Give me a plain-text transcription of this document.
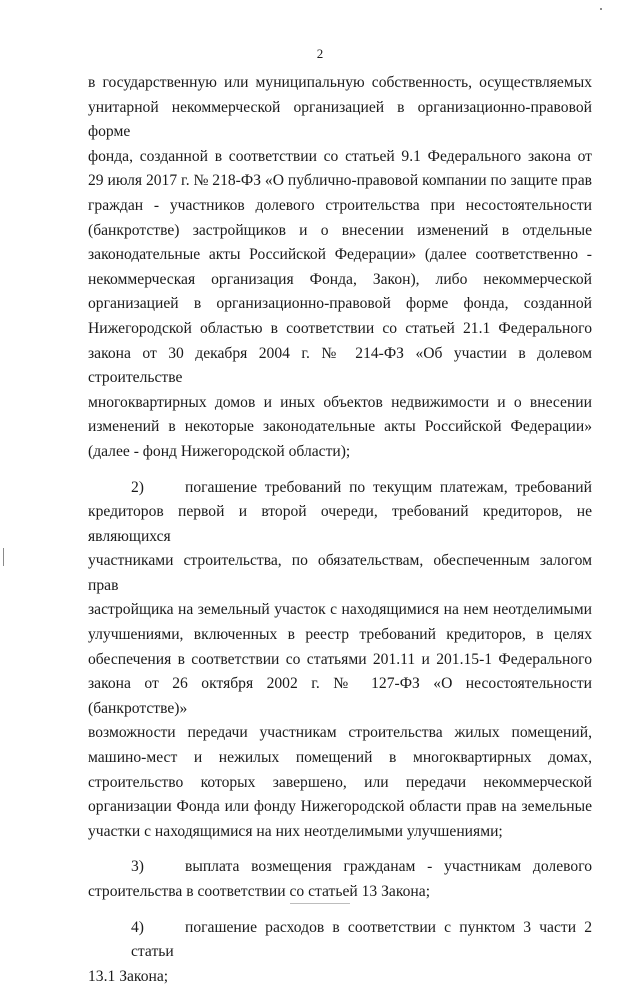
2

в государственную или муниципальную собственность, осуществляемых
унитарной некоммерческой организацией в организационно-правовой форме
фонда, созданной в соответствии со статьей 9.1 Федерального закона от
29 июля 2017 г. № 218-ФЗ «О публично-правовой компании по защите прав
граждан - участников долевого строительства при несостоятельности
(банкротстве) застройщиков и о внесении изменений в отдельные
законодательные акты Российской Федерации» (далее соответственно -
некоммерческая организация Фонда, Закон), либо некоммерческой
организацией в организационно-правовой форме фонда, созданной
Нижегородской областью в соответствии со статьей 21.1 Федерального
закона от 30 декабря 2004 г. № 214-ФЗ «Об участии в долевом строительстве
многоквартирных домов и иных объектов недвижимости и о внесении
изменений в некоторые законодательные акты Российской Федерации»
(далее - фонд Нижегородской области);

2)	погашение требований по текущим платежам, требований
кредиторов первой и второй очереди, требований кредиторов, не являющихся
участниками строительства, по обязательствам, обеспеченным залогом прав
застройщика на земельный участок с находящимися на нем неотделимыми
улучшениями, включенных в реестр требований кредиторов, в целях
обеспечения в соответствии со статьями 201.11 и 201.15-1 Федерального
закона от 26 октября 2002 г. № 127-ФЗ «О несостоятельности (банкротстве)»
возможности передачи участникам строительства жилых помещений,
машино-мест и нежилых помещений в многоквартирных домах,
строительство которых завершено, или передачи некоммерческой
организации Фонда или фонду Нижегородской области прав на земельные
участки с находящимися на них неотделимыми улучшениями;

3)	выплата возмещения гражданам - участникам долевого
строительства в соответствии со статьей 13 Закона;

4)	погашение расходов в соответствии с пунктом 3 части 2 статьи
13.1 Закона;
